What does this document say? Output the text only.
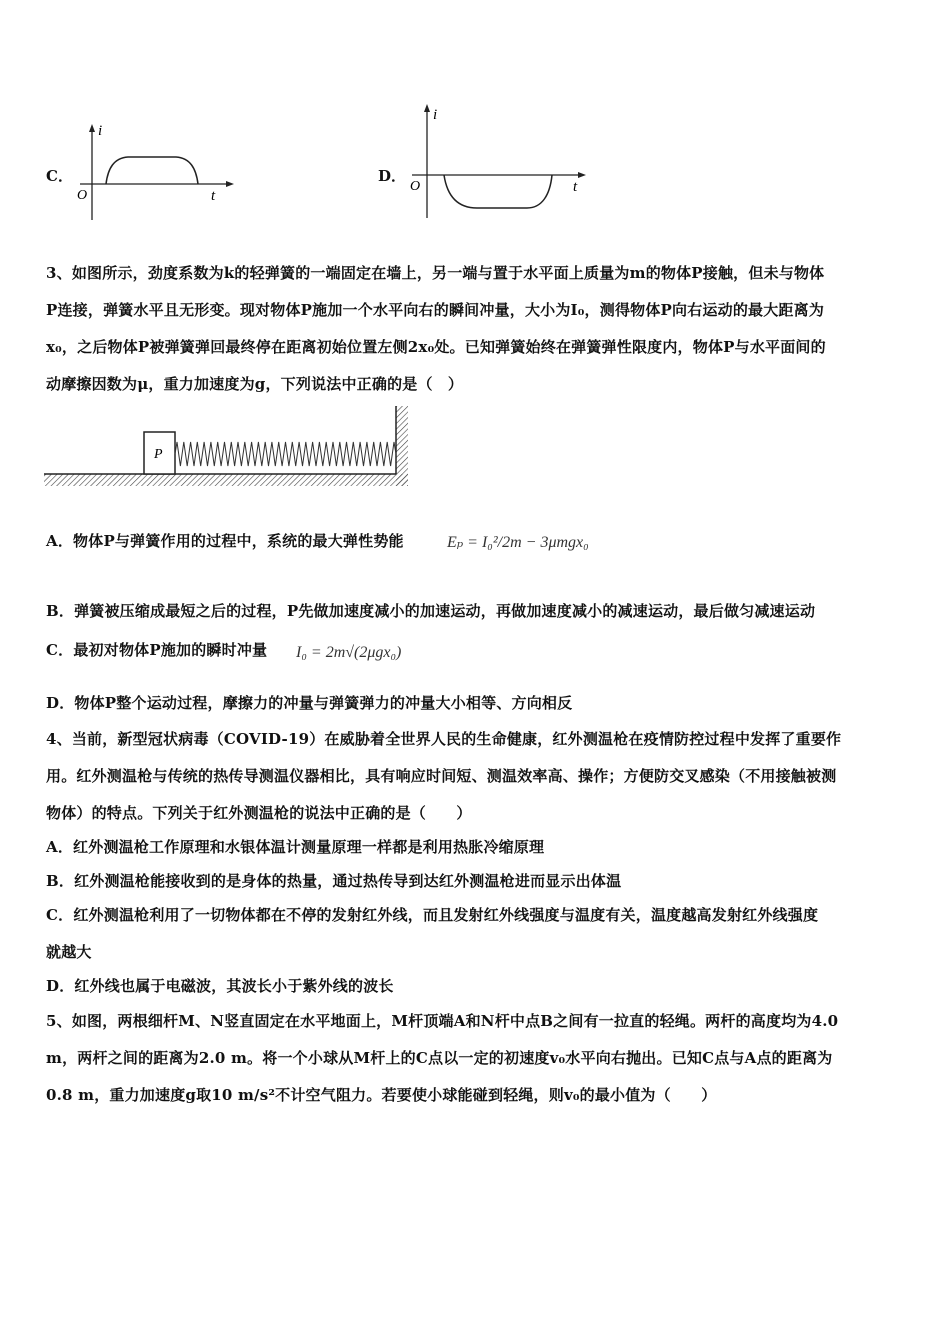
C．
i
t
O
D．
i
t
O
3、如图所示，劲度系数为k的轻弹簧的一端固定在墙上，另一端与置于水平面上质量为m的物体P接触，但未与物体
P连接，弹簧水平且无形变。现对物体P施加一个水平向右的瞬间冲量，大小为I₀，测得物体P向右运动的最大距离为
x₀，之后物体P被弹簧弹回最终停在距离初始位置左侧2x₀处。已知弹簧始终在弹簧弹性限度内，物体P与水平面间的
动摩擦因数为μ，重力加速度为g，下列说法中正确的是（　）
P
A．物体P与弹簧作用的过程中，系统的最大弹性势能	Eₚ = I₀²/2m − 3μmgx₀
B．弹簧被压缩成最短之后的过程，P先做加速度减小的加速运动，再做加速度减小的减速运动，最后做匀减速运动
C．最初对物体P施加的瞬时冲量 I₀ = 2m√(2μgx₀)
D．物体P整个运动过程，摩擦力的冲量与弹簧弹力的冲量大小相等、方向相反
4、当前，新型冠状病毒（COVID-19）在威胁着全世界人民的生命健康，红外测温枪在疫情防控过程中发挥了重要作
用。红外测温枪与传统的热传导测温仪器相比，具有响应时间短、测温效率高、操作；方便防交叉感染（不用接触被测
物体）的特点。下列关于红外测温枪的说法中正确的是（　　）
A．红外测温枪工作原理和水银体温计测量原理一样都是利用热胀冷缩原理
B．红外测温枪能接收到的是身体的热量，通过热传导到达红外测温枪进而显示出体温
C．红外测温枪利用了一切物体都在不停的发射红外线，而且发射红外线强度与温度有关，温度越高发射红外线强度
就越大
D．红外线也属于电磁波，其波长小于紫外线的波长
5、如图，两根细杆M、N竖直固定在水平地面上，M杆顶端A和N杆中点B之间有一拉直的轻绳。两杆的高度均为4.0
m，两杆之间的距离为2.0 m。将一个小球从M杆上的C点以一定的初速度v₀水平向右抛出。已知C点与A点的距离为
0.8 m，重力加速度g取10 m/s²不计空气阻力。若要使小球能碰到轻绳，则v₀的最小值为（　　）
